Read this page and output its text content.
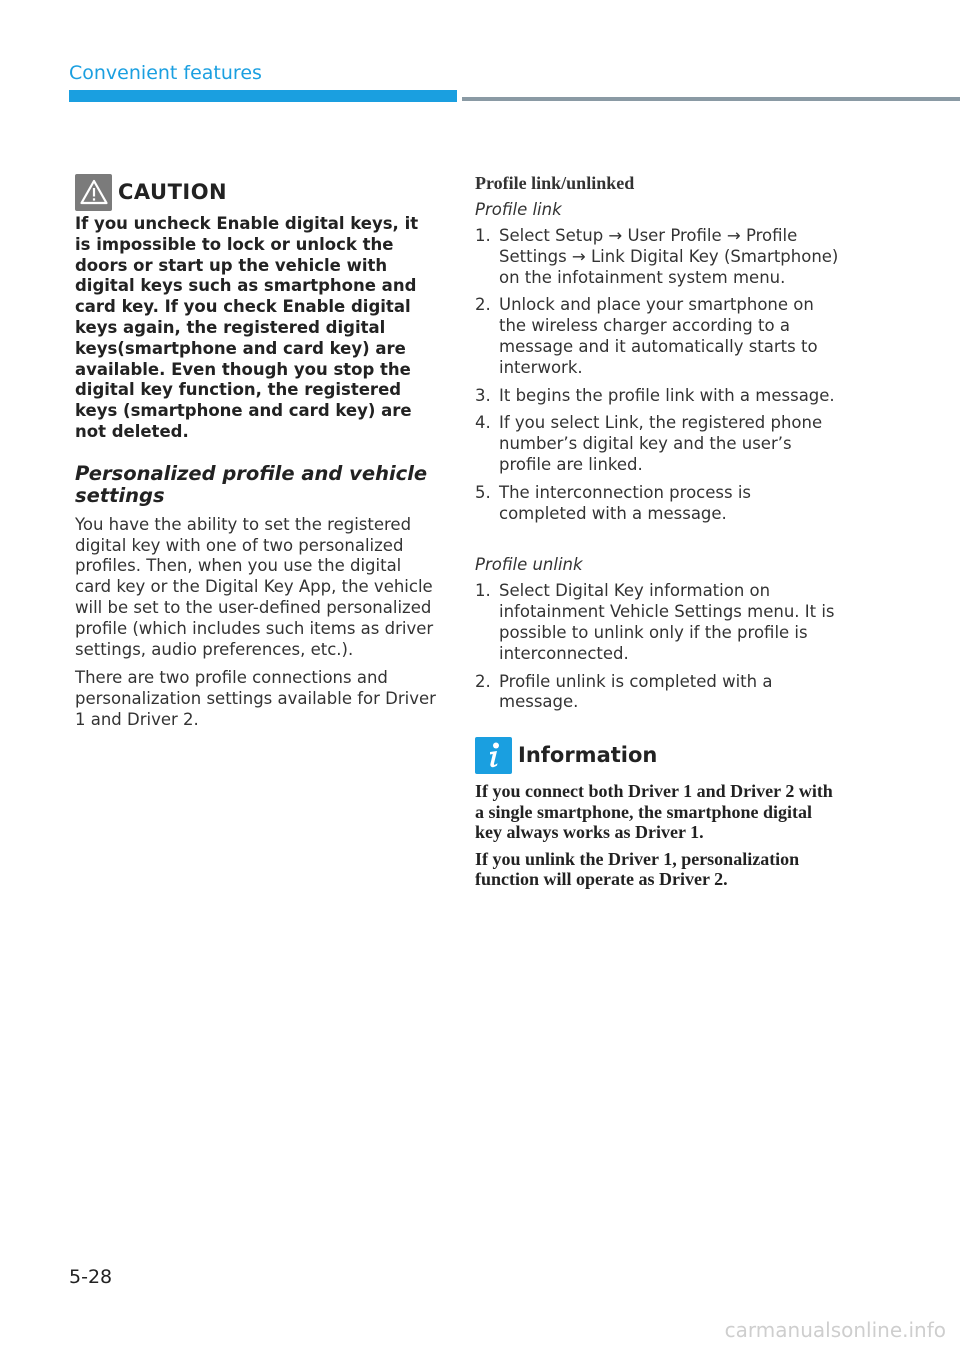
Convenient features
CAUTION
If you uncheck Enable digital keys, it is impossible to lock or unlock the doors or start up the vehicle with digital keys such as smartphone and card key. If you check Enable digital keys again, the registered digital keys(smartphone and card key) are available. Even though you stop the digital key function, the registered keys (smartphone and card key) are not deleted.
Personalized profile and vehicle settings
You have the ability to set the registered digital key with one of two personalized profiles. Then, when you use the digital card key or the Digital Key App, the vehicle will be set to the user-defined personalized profile (which includes such items as driver settings, audio preferences, etc.).
There are two profile connections and personalization settings available for Driver 1 and Driver 2.
Profile link/unlinked
Profile link
1. Select Setup → User Profile → Profile Settings → Link Digital Key (Smartphone) on the infotainment system menu.
2. Unlock and place your smartphone on the wireless charger according to a message and it automatically starts to interwork.
3. It begins the profile link with a message.
4. If you select Link, the registered phone number’s digital key and the user’s profile are linked.
5. The interconnection process is completed with a message.
Profile unlink
1. Select Digital Key information on infotainment Vehicle Settings menu. It is possible to unlink only if the profile is interconnected.
2. Profile unlink is completed with a message.
Information
If you connect both Driver 1 and Driver 2 with a single smartphone, the smartphone digital key always works as Driver 1.
If you unlink the Driver 1, personalization function will operate as Driver 2.
5-28
carmanualsonline.info
